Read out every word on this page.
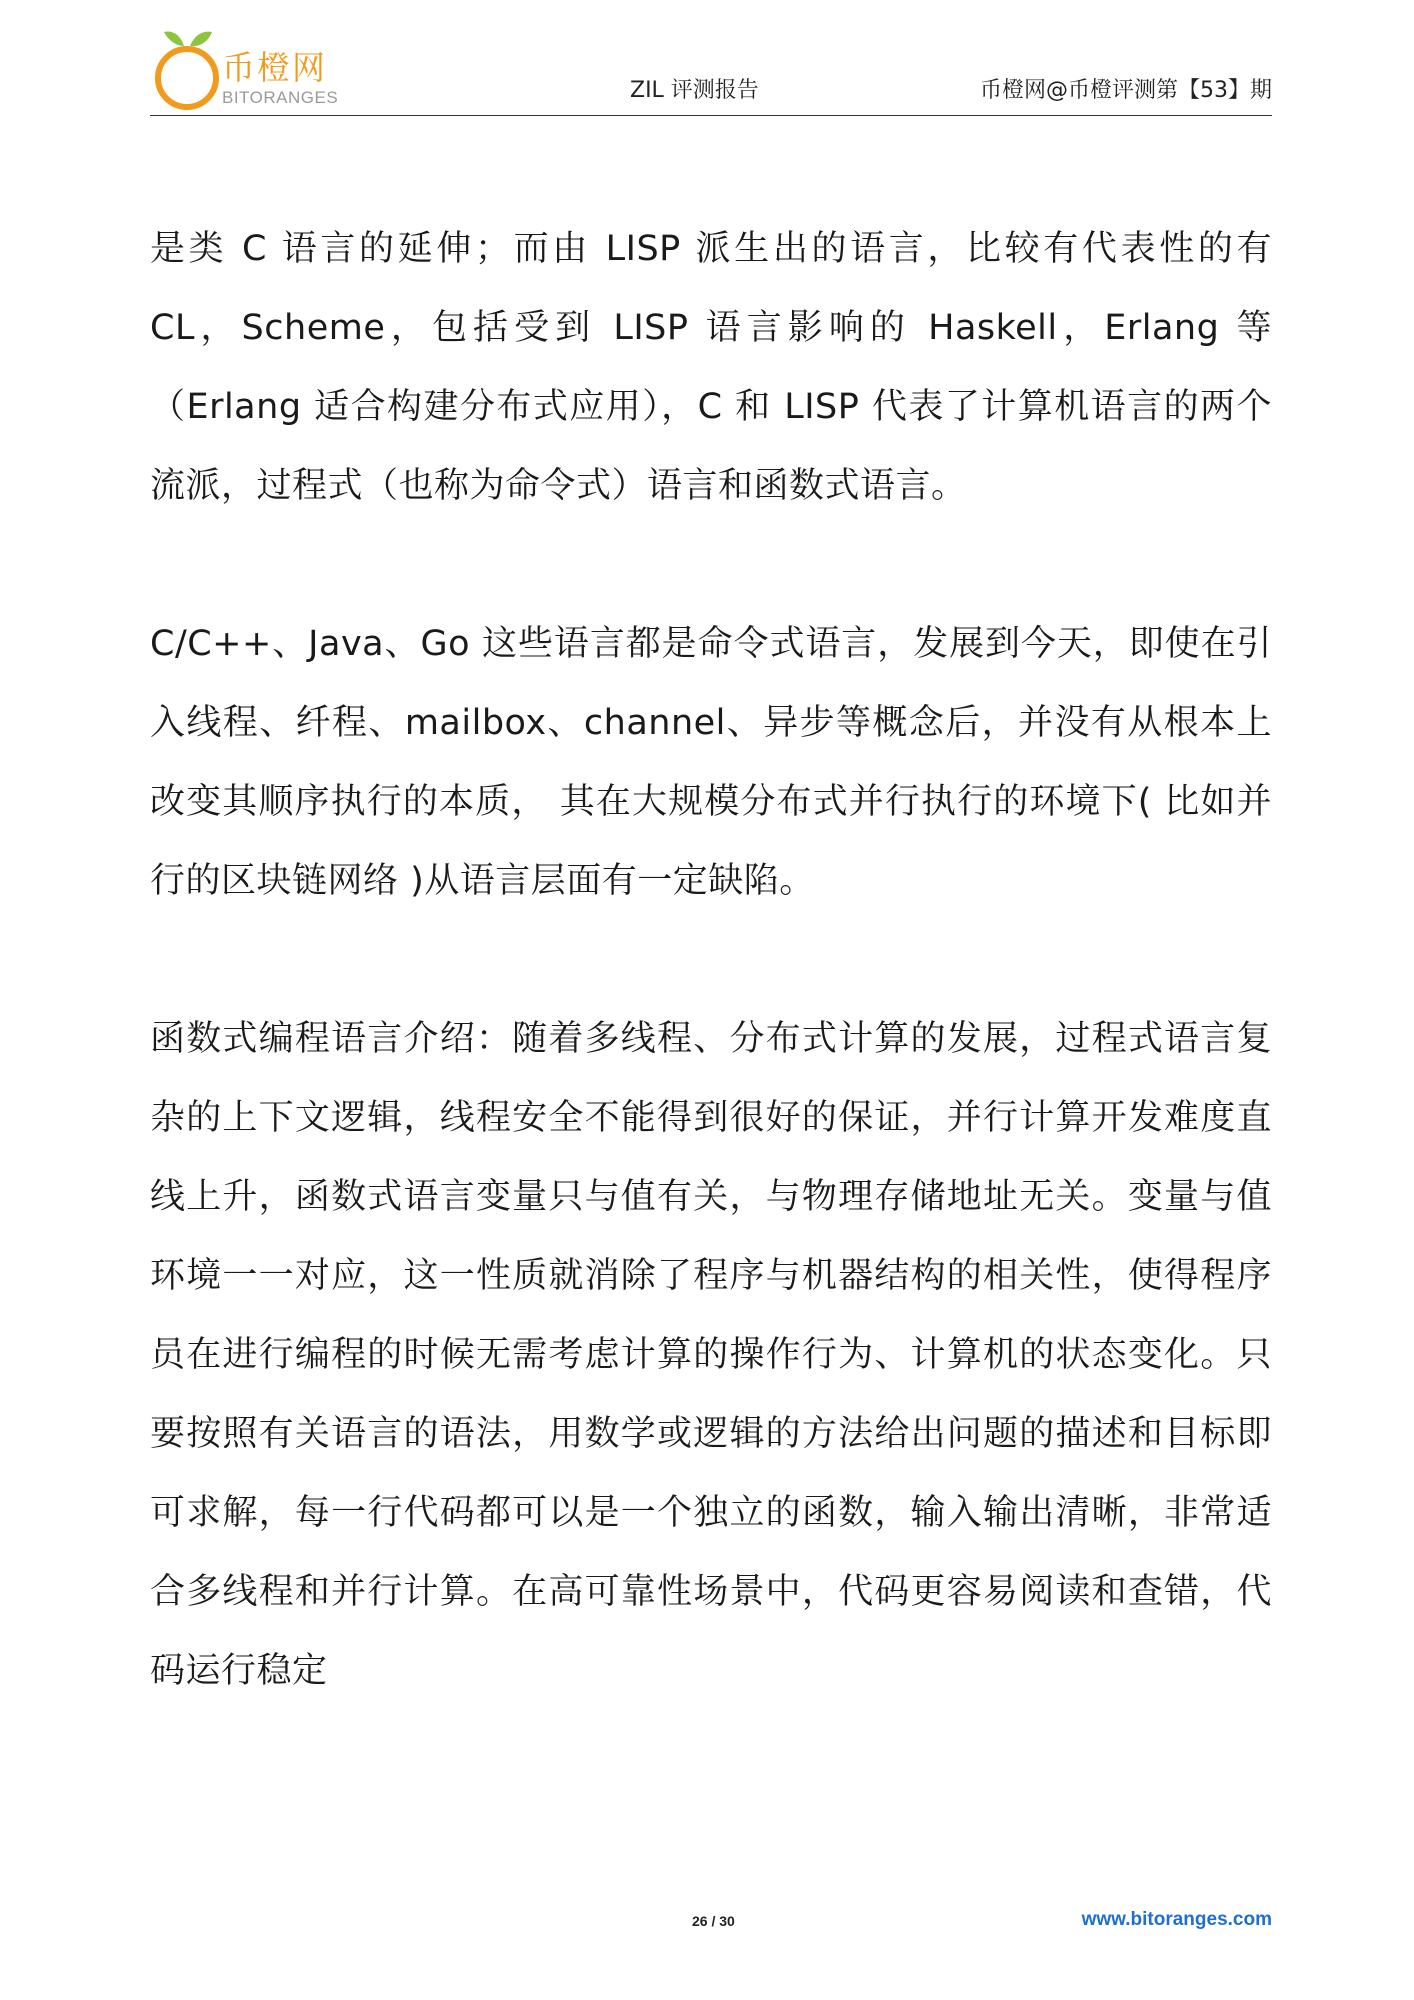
币橙网
BITORANGES	ZIL 评测报告	币橙网@币橙评测第【53】期

是类 C 语言的延伸；而由 LISP 派生出的语言，比较有代表性的有 CL，Scheme，包括受到 LISP 语言影响的 Haskell，Erlang 等（Erlang 适合构建分布式应用），C 和 LISP 代表了计算机语言的两个流派，过程式（也称为命令式）语言和函数式语言。

C/C++、Java、Go 这些语言都是命令式语言，发展到今天，即使在引入线程、纤程、mailbox、channel、异步等概念后，并没有从根本上改变其顺序执行的本质， 其在大规模分布式并行执行的环境下( 比如并行的区块链网络 )从语言层面有一定缺陷。

函数式编程语言介绍：随着多线程、分布式计算的发展，过程式语言复杂的上下文逻辑，线程安全不能得到很好的保证，并行计算开发难度直线上升，函数式语言变量只与值有关，与物理存储地址无关。变量与值环境一一对应，这一性质就消除了程序与机器结构的相关性，使得程序员在进行编程的时候无需考虑计算的操作行为、计算机的状态变化。只要按照有关语言的语法，用数学或逻辑的方法给出问题的描述和目标即可求解，每一行代码都可以是一个独立的函数，输入输出清晰，非常适合多线程和并行计算。在高可靠性场景中，代码更容易阅读和查错，代码运行稳定

26 / 30	www.bitoranges.com
